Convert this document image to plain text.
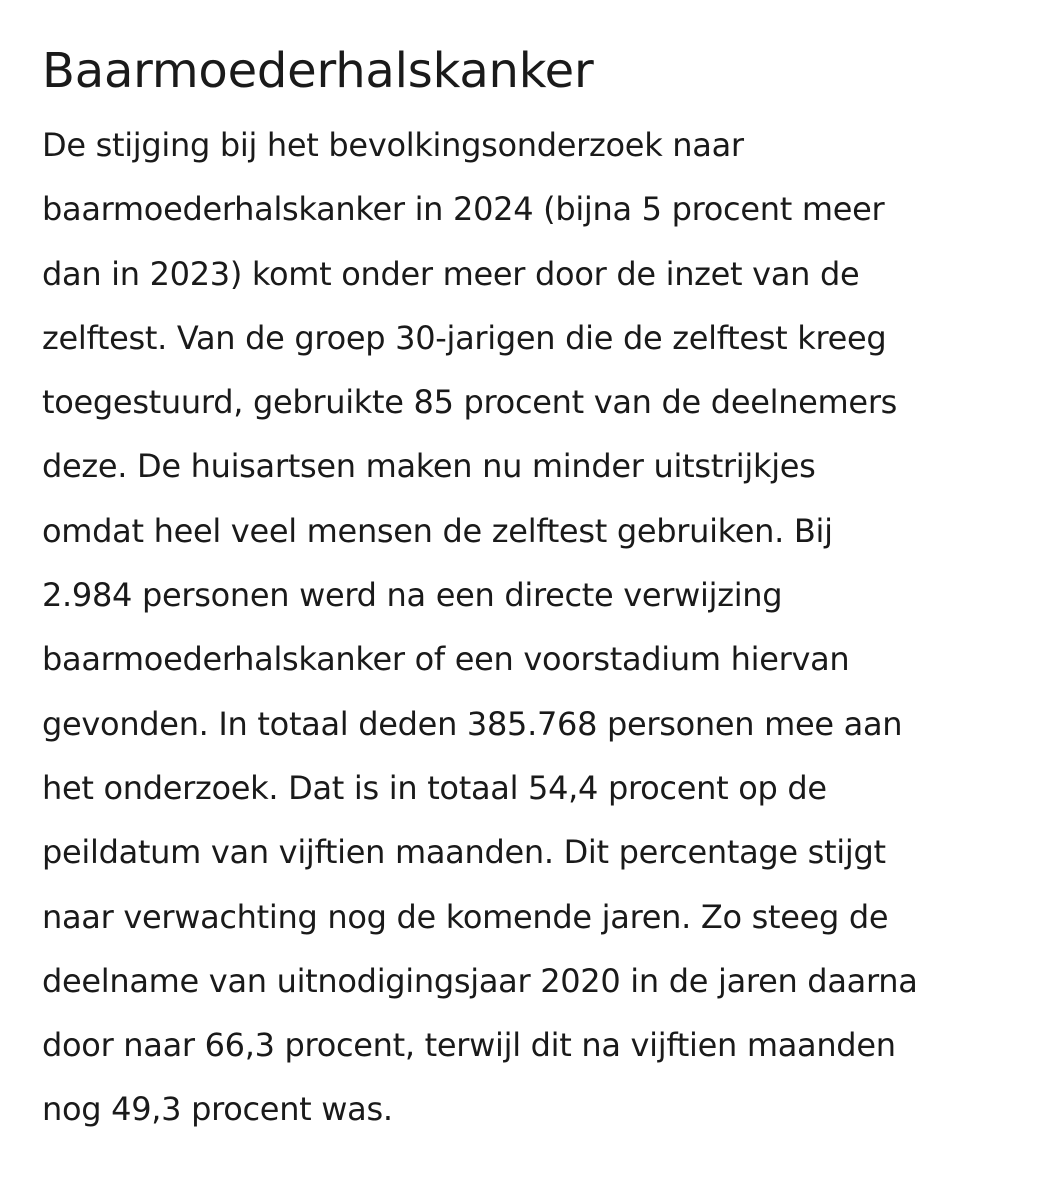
Baarmoederhalskanker

De stijging bij het bevolkingsonderzoek naar
baarmoederhalskanker in 2024 (bijna 5 procent meer
dan in 2023) komt onder meer door de inzet van de
zelftest. Van de groep 30-jarigen die de zelftest kreeg
toegestuurd, gebruikte 85 procent van de deelnemers
deze. De huisartsen maken nu minder uitstrijkjes
omdat heel veel mensen de zelftest gebruiken. Bij
2.984 personen werd na een directe verwijzing
baarmoederhalskanker of een voorstadium hiervan
gevonden. In totaal deden 385.768 personen mee aan
het onderzoek. Dat is in totaal 54,4 procent op de
peildatum van vijftien maanden. Dit percentage stijgt
naar verwachting nog de komende jaren. Zo steeg de
deelname van uitnodigingsjaar 2020 in de jaren daarna
door naar 66,3 procent, terwijl dit na vijftien maanden
nog 49,3 procent was.
